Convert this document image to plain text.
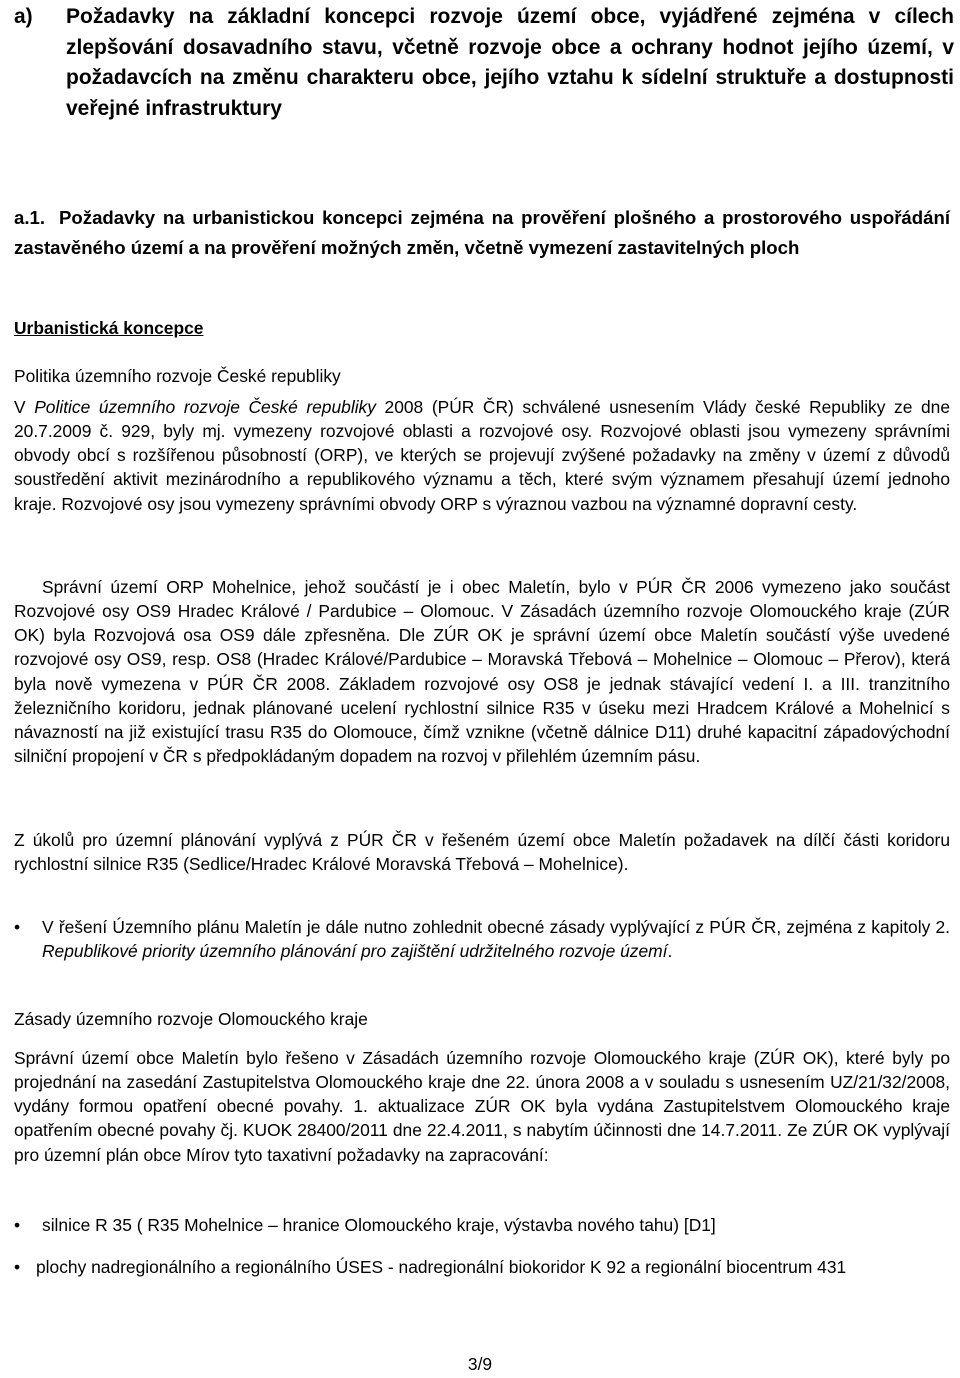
a) Požadavky na základní koncepci rozvoje území obce, vyjádřené zejména v cílech zlepšování dosavadního stavu, včetně rozvoje obce a ochrany hodnot jejího území, v požadavcích na změnu charakteru obce, jejího vztahu k sídelní struktuře a dostupnosti veřejné infrastruktury
a.1. Požadavky na urbanistickou koncepci zejména na prověření plošného a prostorového uspořádání zastavěného území a na prověření možných změn, včetně vymezení zastavitelných ploch
Urbanistická koncepce
Politika územního rozvoje České republiky
V Politice územního rozvoje České republiky 2008 (PÚR ČR) schválené usnesením Vlády české Republiky ze dne 20.7.2009 č. 929, byly mj. vymezeny rozvojové oblasti a rozvojové osy. Rozvojové oblasti jsou vymezeny správními obvody obcí s rozšířenou působností (ORP), ve kterých se projevují zvýšené požadavky na změny v území z důvodů soustředění aktivit mezinárodního a republikového významu a těch, které svým významem přesahují území jednoho kraje. Rozvojové osy jsou vymezeny správními obvody ORP s výraznou vazbou na významné dopravní cesty.
Správní území ORP Mohelnice, jehož součástí je i obec Maletín, bylo v PÚR ČR 2006 vymezeno jako součást Rozvojové osy OS9 Hradec Králové / Pardubice – Olomouc. V Zásadách územního rozvoje Olomouckého kraje (ZÚR OK) byla Rozvojová osa OS9 dále zpřesněna. Dle ZÚR OK je správní území obce Maletín součástí výše uvedené rozvojové osy OS9, resp. OS8 (Hradec Králové/Pardubice – Moravská Třebová – Mohelnice – Olomouc – Přerov), která byla nově vymezena v PÚR ČR 2008. Základem rozvojové osy OS8 je jednak stávající vedení I. a III. tranzitního železničního koridoru, jednak plánované ucelení rychlostní silnice R35 v úseku mezi Hradcem Králové a Mohelnicí s návazností na již existující trasu R35 do Olomouce, čímž vznikne (včetně dálnice D11) druhé kapacitní západovýchodní silniční propojení v ČR s předpokládaným dopadem na rozvoj v přilehlém územním pásu.
Z úkolů pro územní plánování vyplývá z PÚR ČR v řešeném území obce Maletín požadavek na dílčí části koridoru rychlostní silnice R35 (Sedlice/Hradec Králové Moravská Třebová – Mohelnice).
• V řešení Územního plánu Maletín je dále nutno zohlednit obecné zásady vyplývající z PÚR ČR, zejména z kapitoly 2. Republikové priority územního plánování pro zajištění udržitelného rozvoje území.
Zásady územního rozvoje Olomouckého kraje
Správní území obce Maletín bylo řešeno v Zásadách územního rozvoje Olomouckého kraje (ZÚR OK), které byly po projednání na zasedání Zastupitelstva Olomouckého kraje dne 22. února 2008 a v souladu s usnesením UZ/21/32/2008, vydány formou opatření obecné povahy. 1. aktualizace ZÚR OK byla vydána Zastupitelstvem Olomouckého kraje opatřením obecné povahy čj. KUOK 28400/2011 dne 22.4.2011, s nabytím účinnosti dne 14.7.2011. Ze ZÚR OK vyplývají pro územní plán obce Mírov tyto taxativní požadavky na zapracování:
• silnice R 35 ( R35 Mohelnice – hranice Olomouckého kraje, výstavba nového tahu) [D1]
• plochy nadregionálního a regionálního ÚSES - nadregionální biokoridor K 92 a regionální biocentrum 431
3/9
